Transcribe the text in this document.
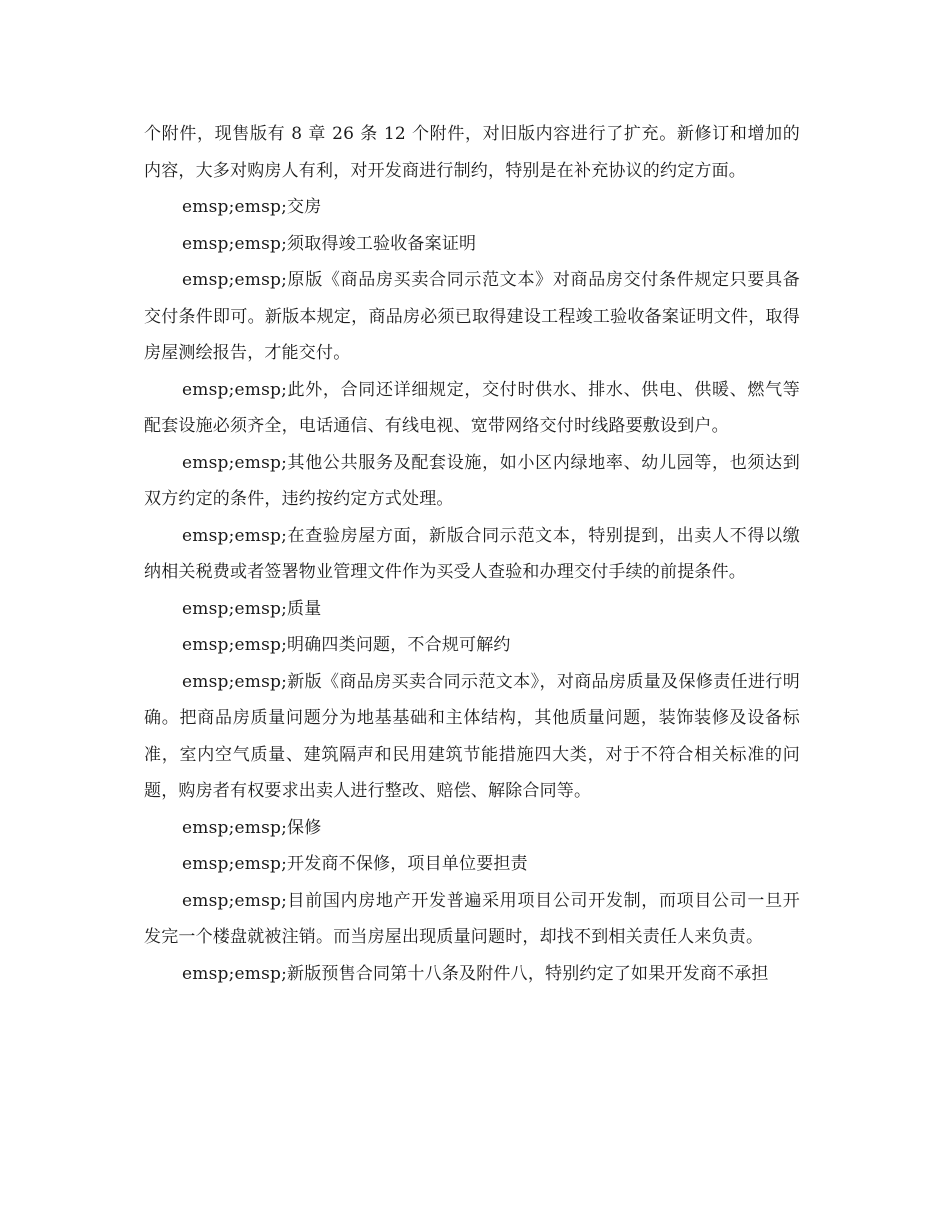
个附件，现售版有 8 章 26 条 12 个附件，对旧版内容进行了扩充。新修订和增加的内容，大多对购房人有利，对开发商进行制约，特别是在补充协议的约定方面。

emsp;emsp;交房

emsp;emsp;须取得竣工验收备案证明

emsp;emsp;原版《商品房买卖合同示范文本》对商品房交付条件规定只要具备交付条件即可。新版本规定，商品房必须已取得建设工程竣工验收备案证明文件，取得房屋测绘报告，才能交付。

emsp;emsp;此外，合同还详细规定，交付时供水、排水、供电、供暖、燃气等配套设施必须齐全，电话通信、有线电视、宽带网络交付时线路要敷设到户。

emsp;emsp;其他公共服务及配套设施，如小区内绿地率、幼儿园等，也须达到双方约定的条件，违约按约定方式处理。

emsp;emsp;在查验房屋方面，新版合同示范文本，特别提到，出卖人不得以缴纳相关税费或者签署物业管理文件作为买受人查验和办理交付手续的前提条件。

emsp;emsp;质量

emsp;emsp;明确四类问题，不合规可解约

emsp;emsp;新版《商品房买卖合同示范文本》，对商品房质量及保修责任进行明确。把商品房质量问题分为地基基础和主体结构，其他质量问题，装饰装修及设备标准，室内空气质量、建筑隔声和民用建筑节能措施四大类，对于不符合相关标准的问题，购房者有权要求出卖人进行整改、赔偿、解除合同等。

emsp;emsp;保修

emsp;emsp;开发商不保修，项目单位要担责

emsp;emsp;目前国内房地产开发普遍采用项目公司开发制，而项目公司一旦开发完一个楼盘就被注销。而当房屋出现质量问题时，却找不到相关责任人来负责。

emsp;emsp;新版预售合同第十八条及附件八，特别约定了如果开发商不承担
